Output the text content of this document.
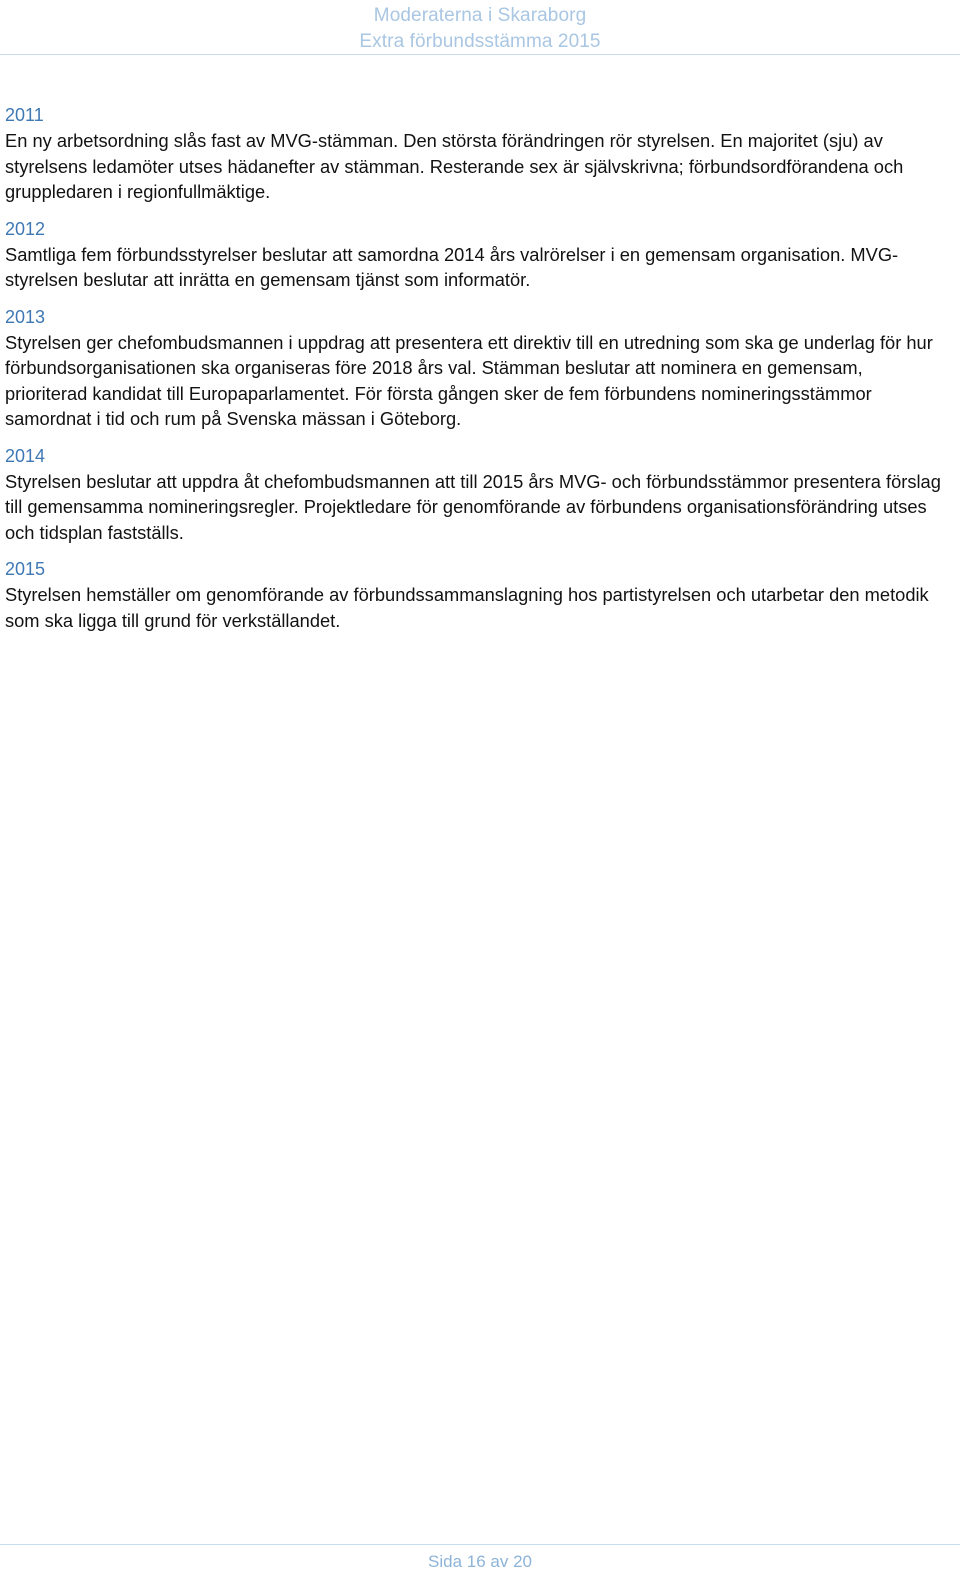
Moderaterna i Skaraborg
Extra förbundsstämma 2015
2011
En ny arbetsordning slås fast av MVG-stämman. Den största förändringen rör styrelsen. En majoritet (sju) av styrelsens ledamöter utses hädanefter av stämman. Resterande sex är självskrivna; förbundsordförandena och gruppledaren i regionfullmäktige.
2012
Samtliga fem förbundsstyrelser beslutar att samordna 2014 års valrörelser i en gemensam organisation. MVG-styrelsen beslutar att inrätta en gemensam tjänst som informatör.
2013
Styrelsen ger chefombudsmannen i uppdrag att presentera ett direktiv till en utredning som ska ge underlag för hur förbundsorganisationen ska organiseras före 2018 års val. Stämman beslutar att nominera en gemensam, prioriterad kandidat till Europaparlamentet. För första gången sker de fem förbundens nomineringsstämmor samordnat i tid och rum på Svenska mässan i Göteborg.
2014
Styrelsen beslutar att uppdra åt chefombudsmannen att till 2015 års MVG- och förbundsstämmor presentera förslag till gemensamma nomineringsregler. Projektledare för genomförande av förbundens organisationsförändring utses och tidsplan fastställs.
2015
Styrelsen hemställer om genomförande av förbundssammanslagning hos partistyrelsen och utarbetar den metodik som ska ligga till grund för verkställandet.
Sida 16 av 20
